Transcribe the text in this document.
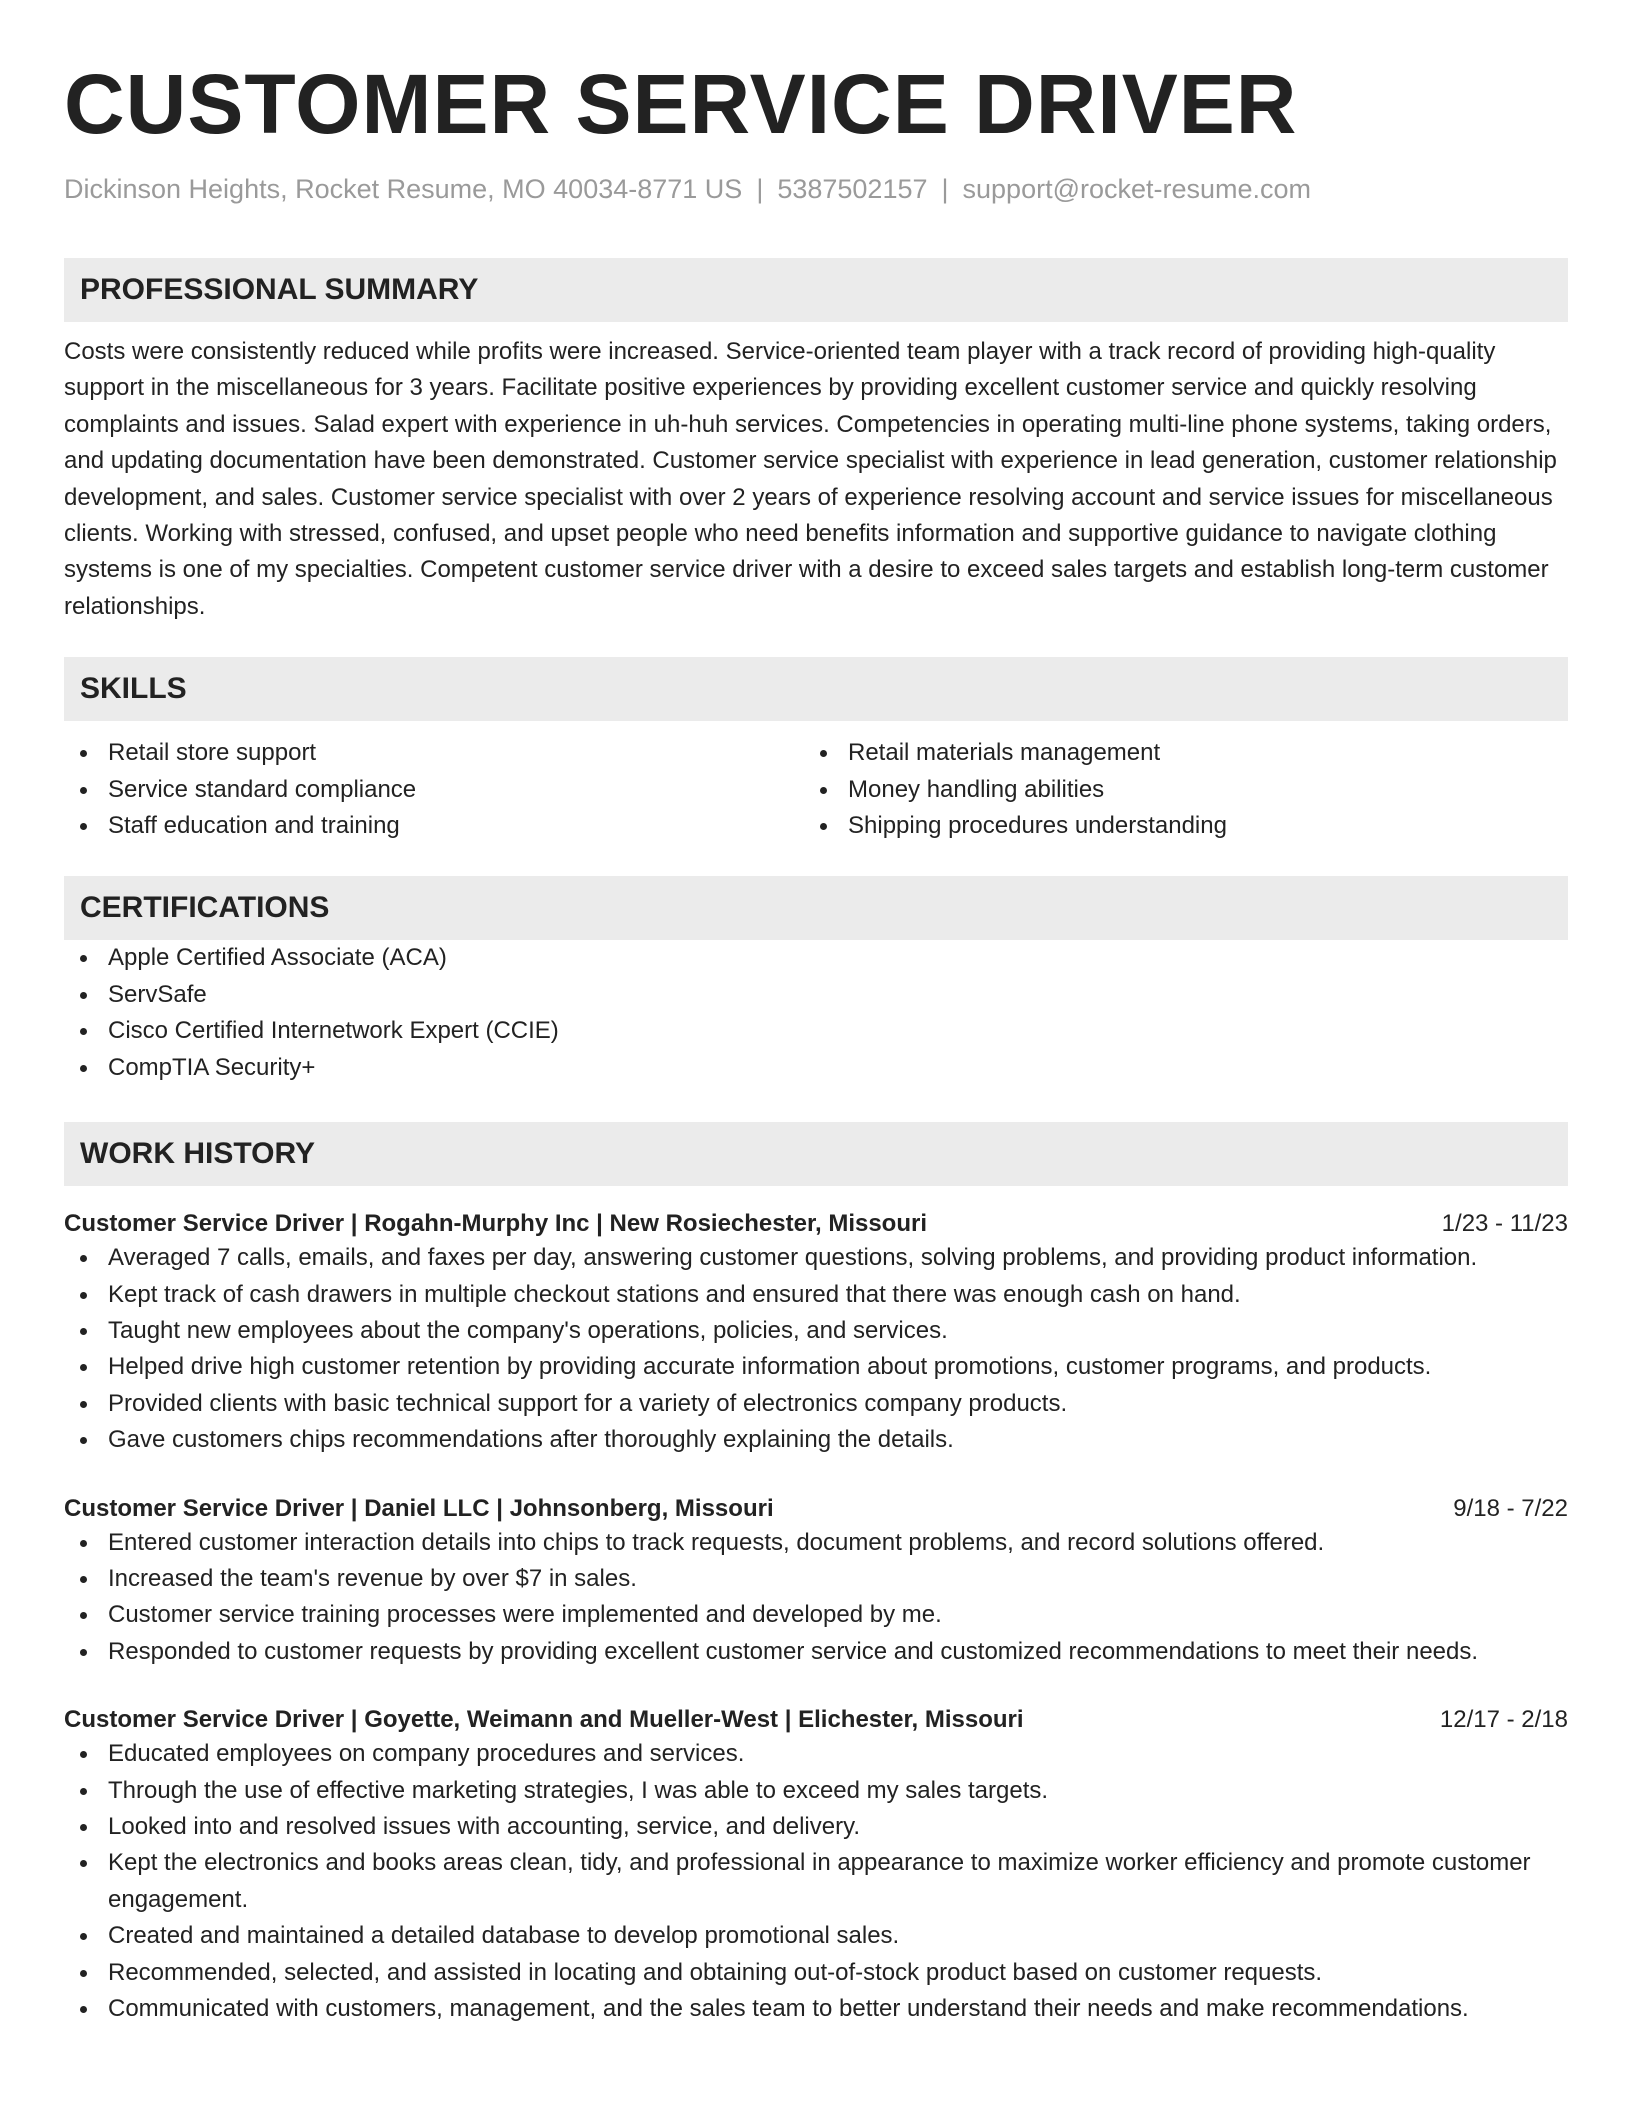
CUSTOMER SERVICE DRIVER
Dickinson Heights, Rocket Resume, MO 40034-8771 US | 5387502157 | support@rocket-resume.com
PROFESSIONAL SUMMARY

Costs were consistently reduced while profits were increased. Service-oriented team player with a track record of providing high-quality support in the miscellaneous for 3 years. Facilitate positive experiences by providing excellent customer service and quickly resolving complaints and issues. Salad expert with experience in uh-huh services. Competencies in operating multi-line phone systems, taking orders, and updating documentation have been demonstrated. Customer service specialist with experience in lead generation, customer relationship development, and sales. Customer service specialist with over 2 years of experience resolving account and service issues for miscellaneous clients. Working with stressed, confused, and upset people who need benefits information and supportive guidance to navigate clothing systems is one of my specialties. Competent customer service driver with a desire to exceed sales targets and establish long-term customer relationships.

SKILLS
Retail store support
Service standard compliance
Staff education and training
Retail materials management
Money handling abilities
Shipping procedures understanding
CERTIFICATIONS
Apple Certified Associate (ACA)
ServSafe
Cisco Certified Internetwork Expert (CCIE)
CompTIA Security+
WORK HISTORY
Customer Service Driver | Rogahn-Murphy Inc | New Rosiechester, Missouri	1/23 - 11/23
Averaged 7 calls, emails, and faxes per day, answering customer questions, solving problems, and providing product information.
Kept track of cash drawers in multiple checkout stations and ensured that there was enough cash on hand.
Taught new employees about the company's operations, policies, and services.
Helped drive high customer retention by providing accurate information about promotions, customer programs, and products.
Provided clients with basic technical support for a variety of electronics company products.
Gave customers chips recommendations after thoroughly explaining the details.
Customer Service Driver | Daniel LLC | Johnsonberg, Missouri	9/18 - 7/22
Entered customer interaction details into chips to track requests, document problems, and record solutions offered.
Increased the team's revenue by over $7 in sales.
Customer service training processes were implemented and developed by me.
Responded to customer requests by providing excellent customer service and customized recommendations to meet their needs.
Customer Service Driver | Goyette, Weimann and Mueller-West | Elichester, Missouri	12/17 - 2/18
Educated employees on company procedures and services.
Through the use of effective marketing strategies, I was able to exceed my sales targets.
Looked into and resolved issues with accounting, service, and delivery.
Kept the electronics and books areas clean, tidy, and professional in appearance to maximize worker efficiency and promote customer engagement.
Created and maintained a detailed database to develop promotional sales.
Recommended, selected, and assisted in locating and obtaining out-of-stock product based on customer requests.
Communicated with customers, management, and the sales team to better understand their needs and make recommendations.
